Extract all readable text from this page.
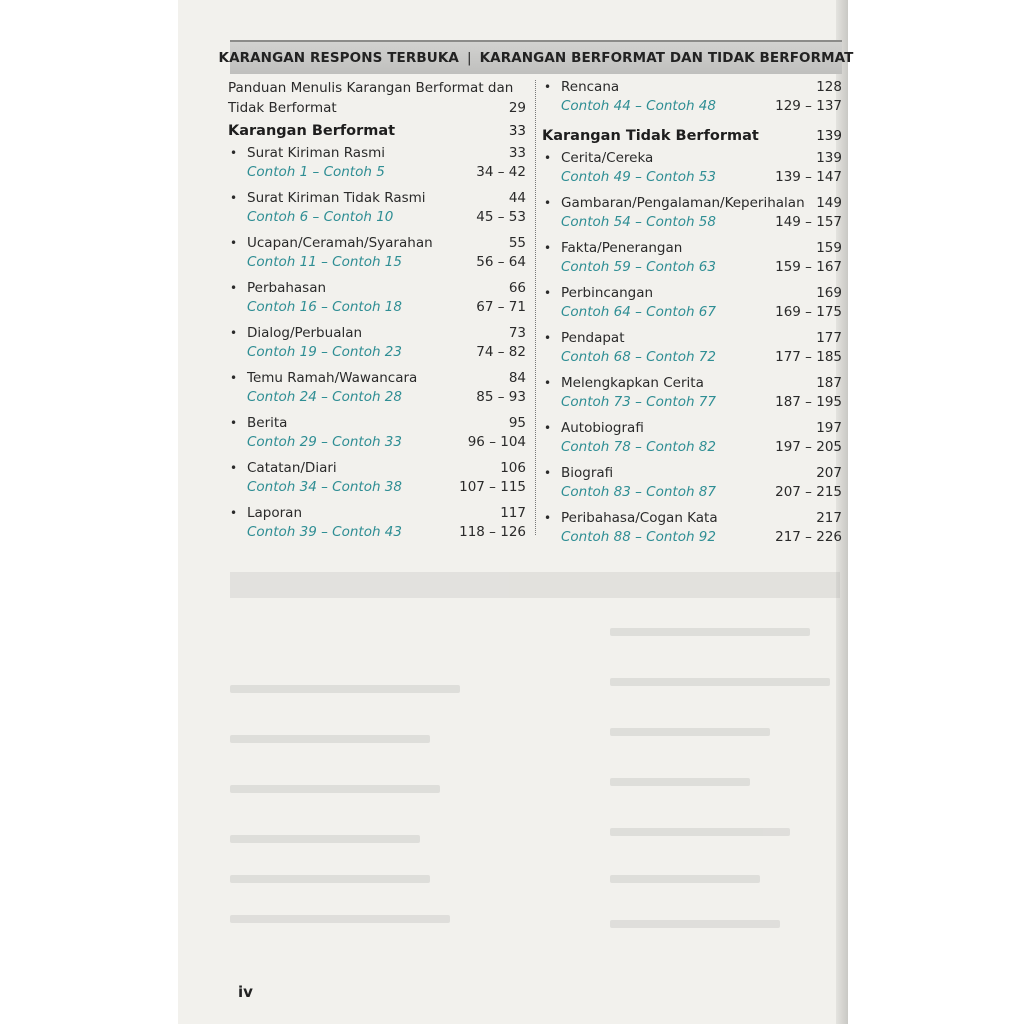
KARANGAN RESPONS TERBUKA | KARANGAN BERFORMAT DAN TIDAK BERFORMAT
Panduan Menulis Karangan Berformat dan
Tidak Berformat	29
Karangan Berformat	33
• Surat Kiriman Rasmi	33
Contoh 1 – Contoh 5	34 – 42
• Surat Kiriman Tidak Rasmi	44
Contoh 6 – Contoh 10	45 – 53
• Ucapan/Ceramah/Syarahan	55
Contoh 11 – Contoh 15	56 – 64
• Perbahasan	66
Contoh 16 – Contoh 18	67 – 71
• Dialog/Perbualan	73
Contoh 19 – Contoh 23	74 – 82
• Temu Ramah/Wawancara	84
Contoh 24 – Contoh 28	85 – 93
• Berita	95
Contoh 29 – Contoh 33	96 – 104
• Catatan/Diari	106
Contoh 34 – Contoh 38	107 – 115
• Laporan	117
Contoh 39 – Contoh 43	118 – 126
• Rencana	128
Contoh 44 – Contoh 48	129 – 137
Karangan Tidak Berformat	139
• Cerita/Cereka	139
Contoh 49 – Contoh 53	139 – 147
• Gambaran/Pengalaman/Keperihalan 149
Contoh 54 – Contoh 58	149 – 157
• Fakta/Penerangan	159
Contoh 59 – Contoh 63	159 – 167
• Perbincangan	169
Contoh 64 – Contoh 67	169 – 175
• Pendapat	177
Contoh 68 – Contoh 72	177 – 185
• Melengkapkan Cerita	187
Contoh 73 – Contoh 77	187 – 195
• Autobiografi	197
Contoh 78 – Contoh 82	197 – 205
• Biografi	207
Contoh 83 – Contoh 87	207 – 215
• Peribahasa/Cogan Kata	217
Contoh 88 – Contoh 92	217 – 226
iv
